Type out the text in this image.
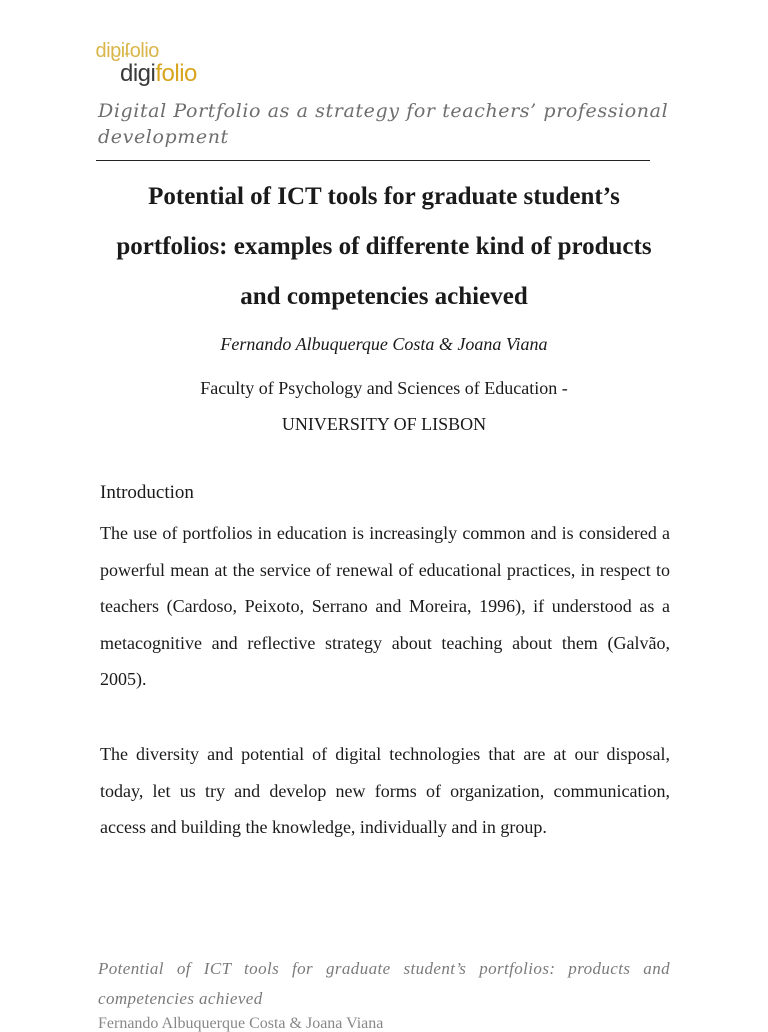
oiloʇigib
digifolio
Digital Portfolio as a strategy for teachers’ professional development
Potential of ICT tools for graduate student’s portfolios: examples of differente kind of products and competencies achieved
Fernando Albuquerque Costa & Joana Viana
Faculty of Psychology and Sciences of Education -
UNIVERSITY OF LISBON
Introduction
The use of portfolios in education is increasingly common and is considered a powerful mean at the service of renewal of educational practices, in respect to teachers (Cardoso, Peixoto, Serrano and Moreira, 1996), if understood as a metacognitive and reflective strategy about teaching about them (Galvão, 2005).
The diversity and potential of digital technologies that are at our disposal, today, let us try and develop new forms of organization, communication, access and building the knowledge, individually and in group.
Potential of ICT tools for graduate student’s portfolios: products and competencies achieved
Fernando Albuquerque Costa & Joana Viana
